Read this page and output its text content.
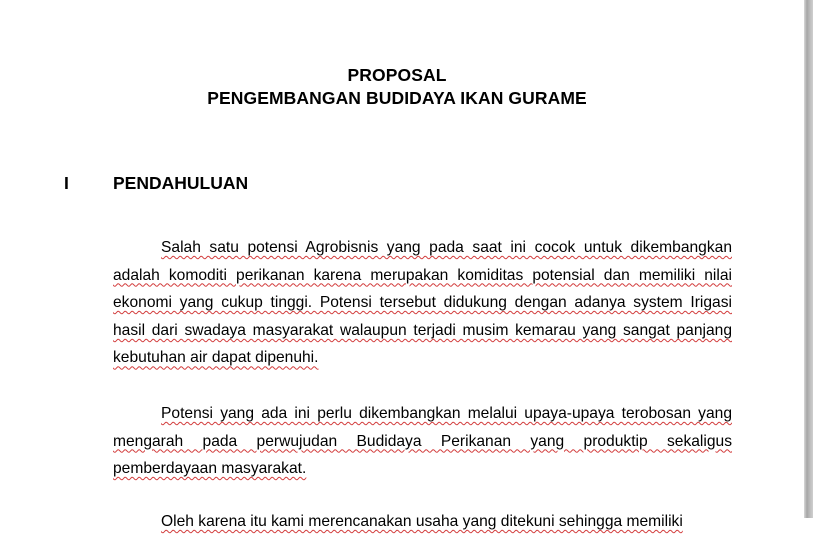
PROPOSAL
PENGEMBANGAN BUDIDAYA IKAN GURAME
I	PENDAHULUAN
Salah satu potensi Agrobisnis yang pada saat ini cocok untuk dikembangkan adalah komoditi perikanan karena merupakan komiditas potensial dan memiliki nilai ekonomi yang cukup tinggi. Potensi tersebut didukung dengan adanya system Irigasi hasil dari swadaya masyarakat walaupun terjadi musim kemarau yang sangat panjang kebutuhan air dapat dipenuhi.
Potensi yang ada ini perlu dikembangkan melalui upaya-upaya terobosan yang mengarah pada perwujudan Budidaya Perikanan yang produktip sekaligus pemberdayaan masyarakat.
Oleh karena itu kami merencanakan usaha yang ditekuni sehingga memiliki
